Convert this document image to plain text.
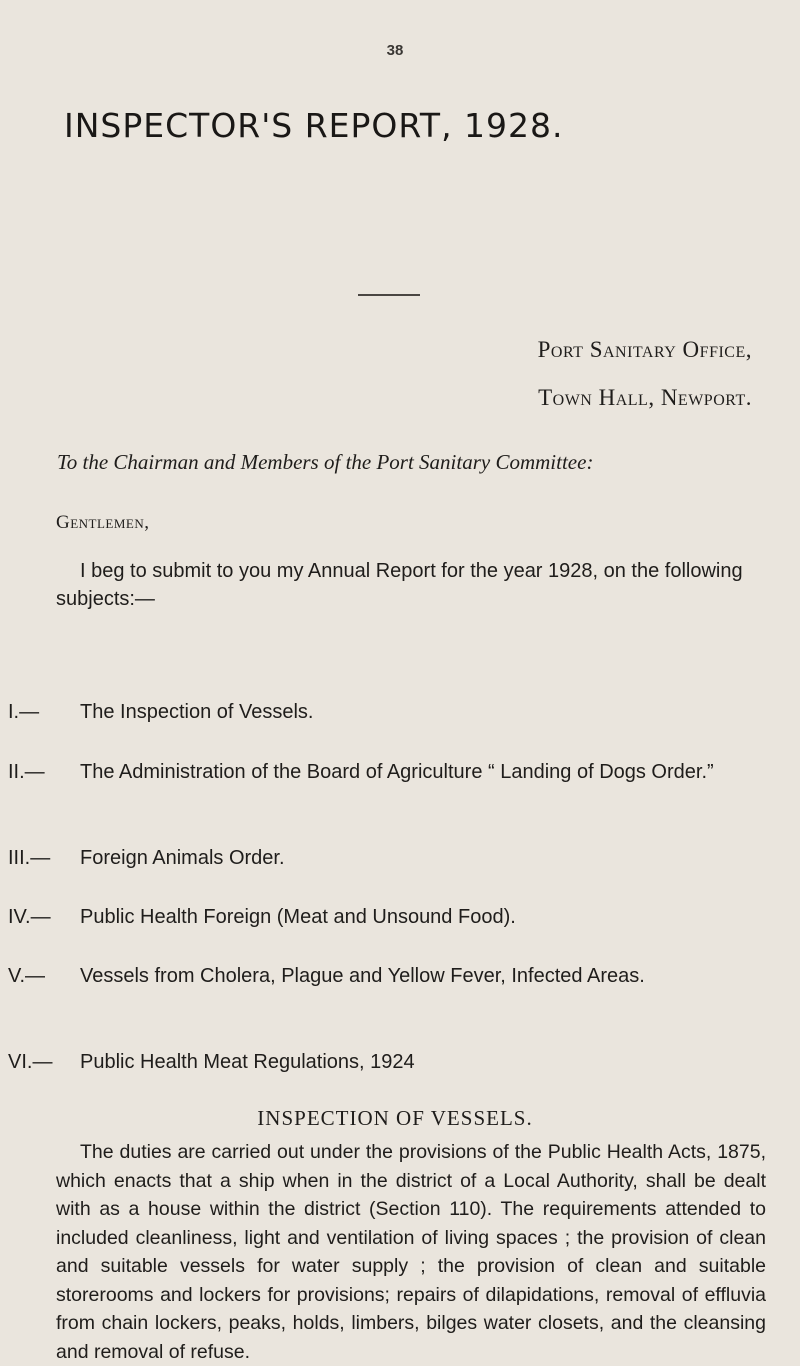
38
INSPECTOR'S REPORT, 1928.
Port Sanitary Office,
Town Hall, Newport.
To the Chairman and Members of the Port Sanitary Committee:
Gentlemen,
I beg to submit to you my Annual Report for the year 1928, on the following subjects:—
I.— The Inspection of Vessels.
II.— The Administration of the Board of Agriculture “ Landing of Dogs Order.”
III.— Foreign Animals Order.
IV.— Public Health Foreign (Meat and Unsound Food).
V.— Vessels from Cholera, Plague and Yellow Fever, Infected Areas.
VI.— Public Health Meat Regulations, 1924
INSPECTION OF VESSELS.
The duties are carried out under the provisions of the Public Health Acts, 1875, which enacts that a ship when in the district of a Local Authority, shall be dealt with as a house within the district (Section 110). The requirements attended to included cleanliness, light and ventilation of living spaces ; the provision of clean and suitable vessels for water supply ; the provision of clean and suitable storerooms and lockers for provisions; repairs of dilapidations, removal of effluvia from chain lockers, peaks, holds, limbers, bilges water closets, and the cleansing and removal of refuse.
